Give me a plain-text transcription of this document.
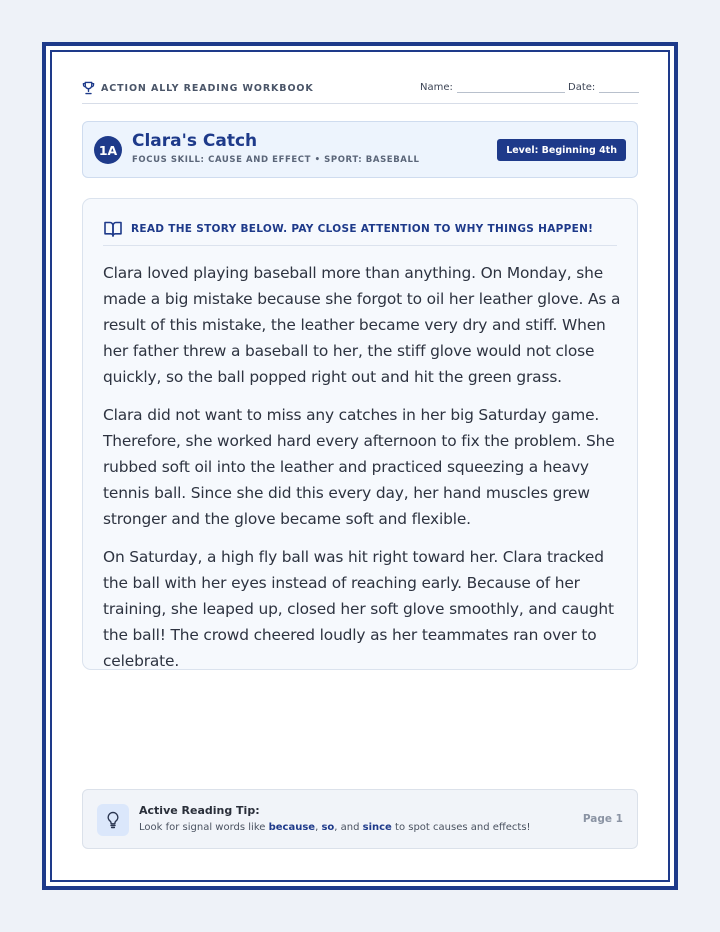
ACTION ALLY READING WORKBOOK	Name:	Date:
1A Clara's Catch
FOCUS SKILL: CAUSE AND EFFECT • SPORT: BASEBALL
Level: Beginning 4th
READ THE STORY BELOW. PAY CLOSE ATTENTION TO WHY THINGS HAPPEN!

Clara loved playing baseball more than anything. On Monday, she made a big mistake because she forgot to oil her leather glove. As a result of this mistake, the leather became very dry and stiff. When her father threw a baseball to her, the stiff glove would not close quickly, so the ball popped right out and hit the green grass.

Clara did not want to miss any catches in her big Saturday game. Therefore, she worked hard every afternoon to fix the problem. She rubbed soft oil into the leather and practiced squeezing a heavy tennis ball. Since she did this every day, her hand muscles grew stronger and the glove became soft and flexible.

On Saturday, a high fly ball was hit right toward her. Clara tracked the ball with her eyes instead of reaching early. Because of her training, she leaped up, closed her soft glove smoothly, and caught the ball! The crowd cheered loudly as her teammates ran over to celebrate.

Active Reading Tip:
Look for signal words like because, so, and since to spot causes and effects!
Page 1
